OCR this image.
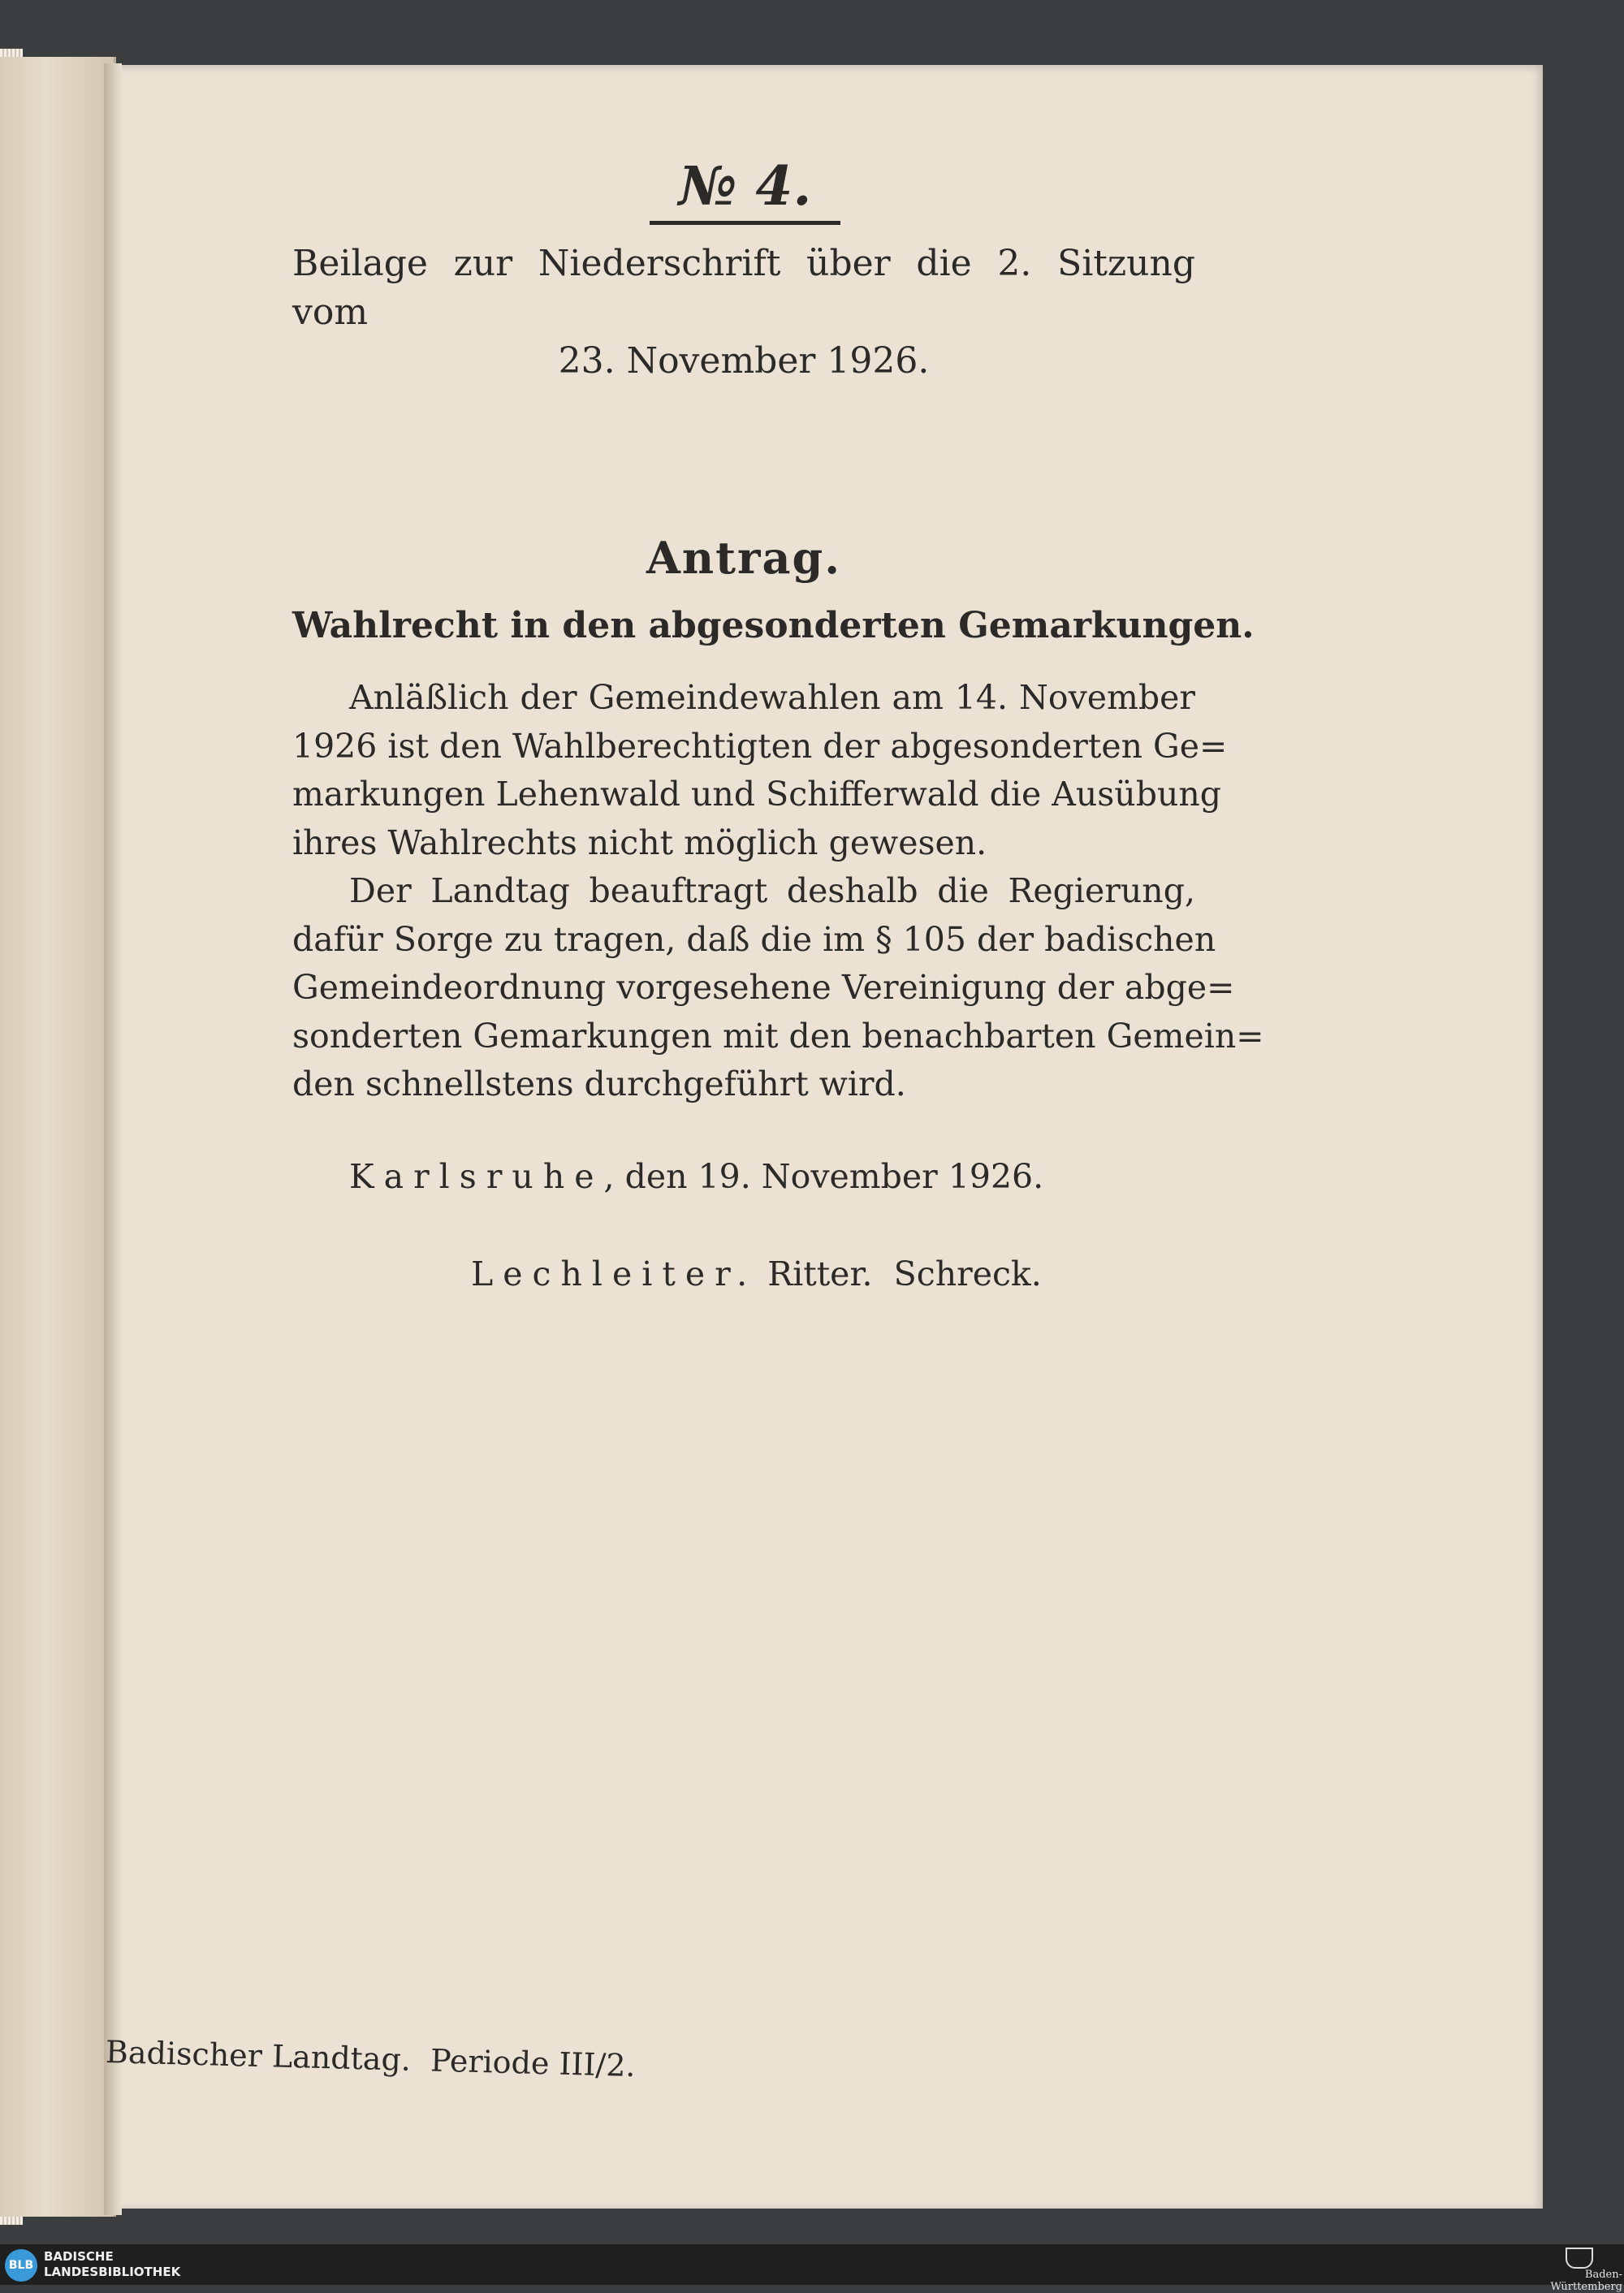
№ 4.
Beilage zur Niederschrift über die 2. Sitzung vom
23. November 1926.
Antrag.
Wahlrecht in den abgesonderten Gemarkungen.
Anläßlich der Gemeindewahlen am 14. November
1926 ist den Wahlberechtigten der abgesonderten Ge=
markungen Lehenwald und Schifferwald die Ausübung
ihres Wahlrechts nicht möglich gewesen.
Der Landtag beauftragt deshalb die Regierung,
dafür Sorge zu tragen, daß die im § 105 der badischen
Gemeindeordnung vorgesehene Vereinigung der abge=
sonderten Gemarkungen mit den benachbarten Gemein=
den schnellstens durchgeführt wird.
Karlsruhe, den 19. November 1926.
Lechleiter. Ritter.  Schreck.
Badischer Landtag.  Periode III/2.
BLB
BADISCHE
LANDESBIBLIOTHEK	Baden-Württemberg
